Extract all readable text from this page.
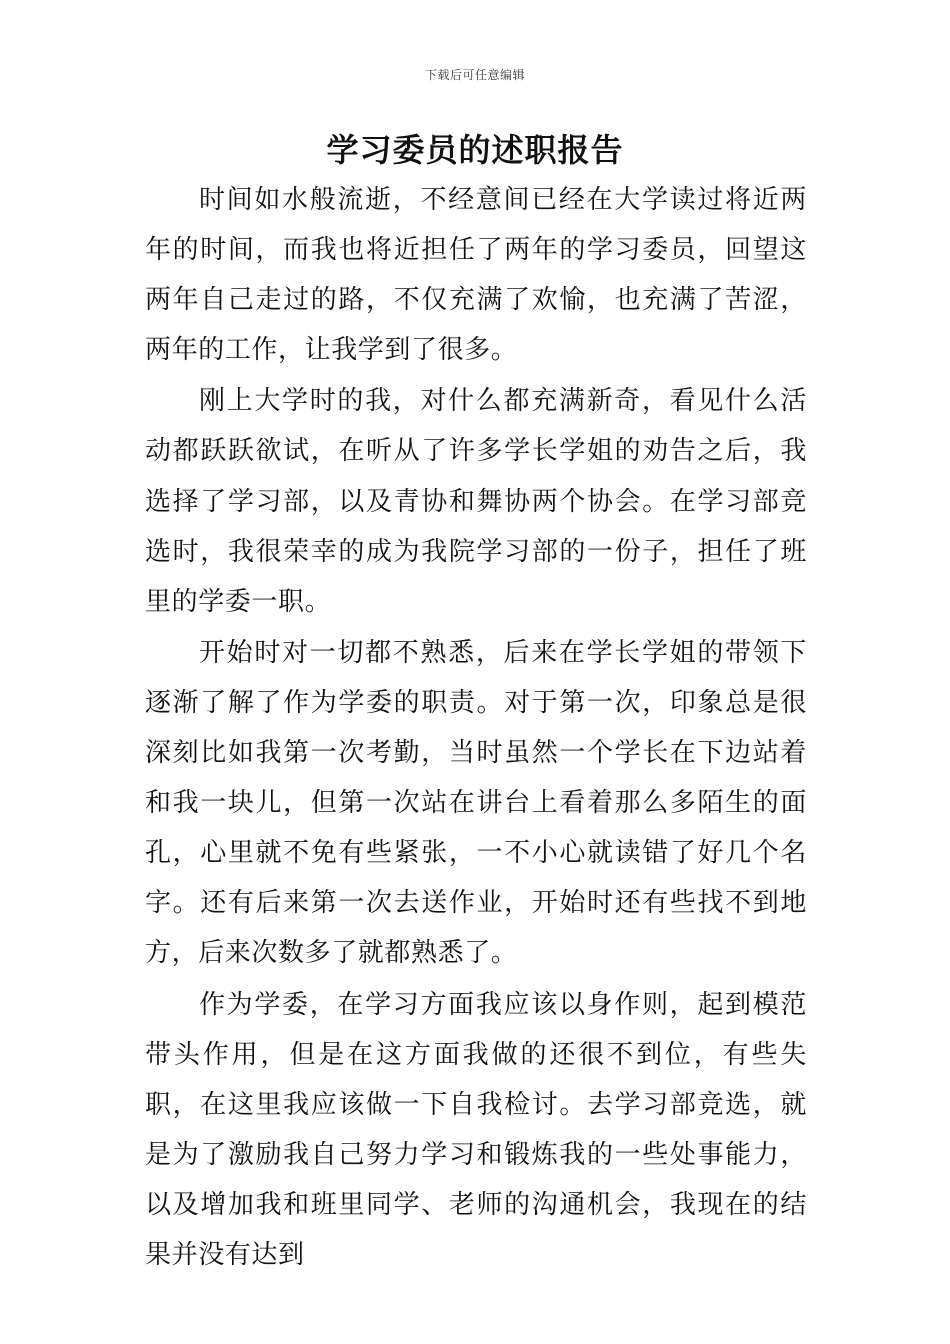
下载后可任意编辑
学习委员的述职报告

时间如水般流逝，不经意间已经在大学读过将近两年的时间，而我也将近担任了两年的学习委员，回望这两年自己走过的路，不仅充满了欢愉，也充满了苦涩，两年的工作，让我学到了很多。

刚上大学时的我，对什么都充满新奇，看见什么活动都跃跃欲试，在听从了许多学长学姐的劝告之后，我选择了学习部，以及青协和舞协两个协会。在学习部竞选时，我很荣幸的成为我院学习部的一份子，担任了班里的学委一职。

开始时对一切都不熟悉，后来在学长学姐的带领下逐渐了解了作为学委的职责。对于第一次，印象总是很深刻比如我第一次考勤，当时虽然一个学长在下边站着和我一块儿，但第一次站在讲台上看着那么多陌生的面孔，心里就不免有些紧张，一不小心就读错了好几个名字。还有后来第一次去送作业，开始时还有些找不到地方，后来次数多了就都熟悉了。

作为学委，在学习方面我应该以身作则，起到模范带头作用，但是在这方面我做的还很不到位，有些失职，在这里我应该做一下自我检讨。去学习部竞选，就是为了激励我自己努力学习和锻炼我的一些处事能力，以及增加我和班里同学、老师的沟通机会，我现在的结果并没有达到
